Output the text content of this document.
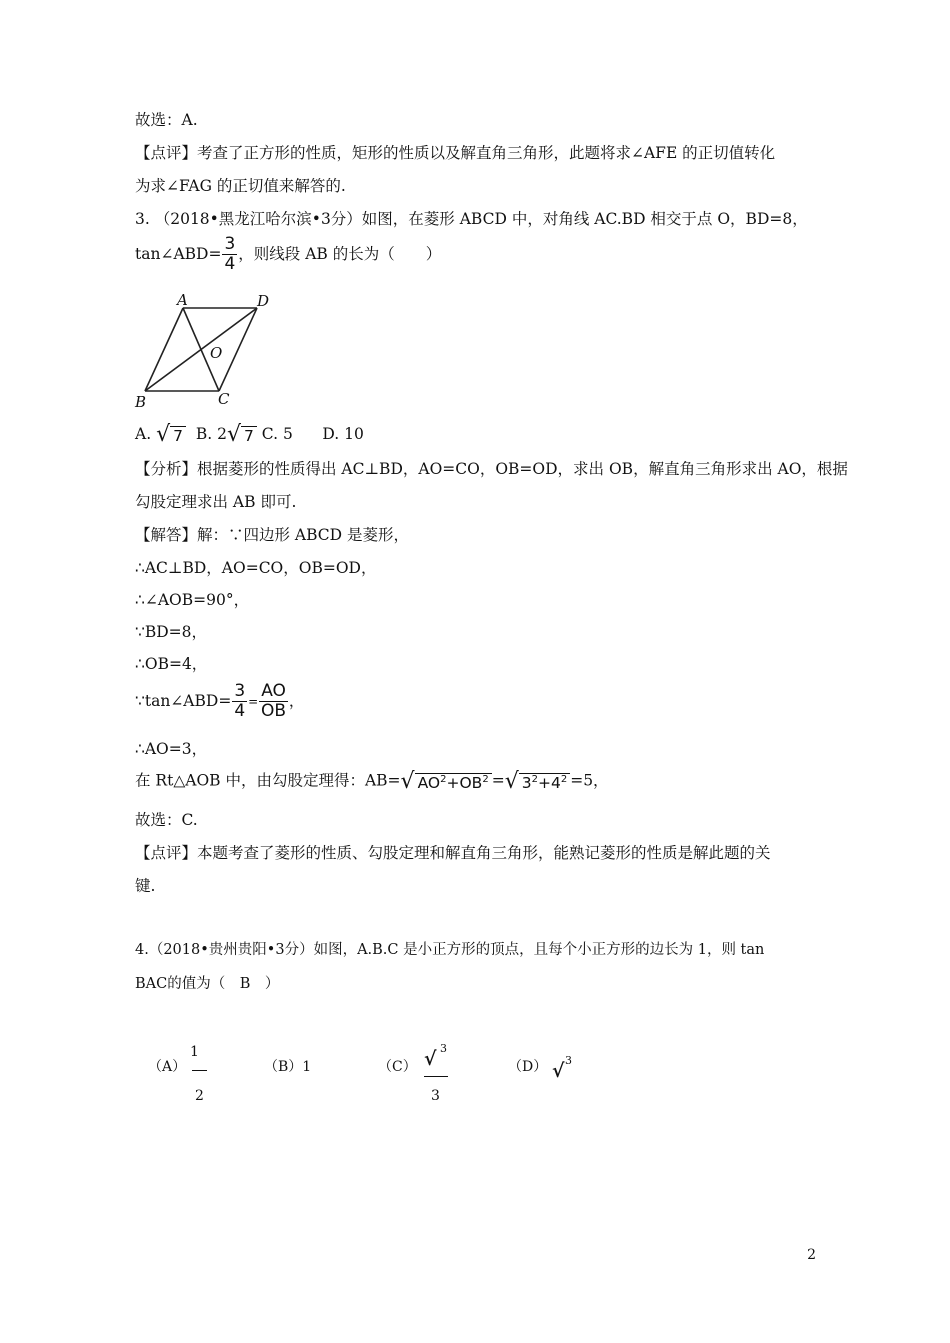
故选：A.
【点评】考查了正方形的性质，矩形的性质以及解直角三角形，此题将求∠AFE 的正切值转化
为求∠FAG 的正切值来解答的.
3. （2018•黑龙江哈尔滨•3分）如图，在菱形 ABCD 中，对角线 AC.BD 相交于点 O，BD=8，
tan∠ABD= $\frac{3}{4}$ ，则线段 AB 的长为（　　）
A	D
O
B	C
A. √ 7 B. 2√ 7 C. 5 D. 10
【分析】根据菱形的性质得出 AC⊥BD，AO=CO，OB=OD，求出 OB，解直角三角形求出 AO，根据
勾股定理求出 AB 即可.
【解答】解：∵四边形 ABCD 是菱形，
∴AC⊥BD，AO=CO，OB=OD，
∴∠AOB=90°，
∵BD=8，
∴OB=4，
∵tan∠ABD= $\frac{3}{4} = \frac{AO}{OB}$ ，
∴AO=3，
在 Rt△AOB 中，由勾股定理得：AB=√ $AO^2+OB^2$ =√ $3^2+4^2 =5$，
故选：C.
【点评】本题考查了菱形的性质、勾股定理和解直角三角形，能熟记菱形的性质是解此题的关
键.
4.（2018•贵州贵阳•3分）如图，A.B.C 是小正方形的顶点，且每个小正方形的边长为 1，则 tan
BAC的值为（　B　）
（A）
1
2
（B）1	（C） √ 3
3
（D） √ 3
2
